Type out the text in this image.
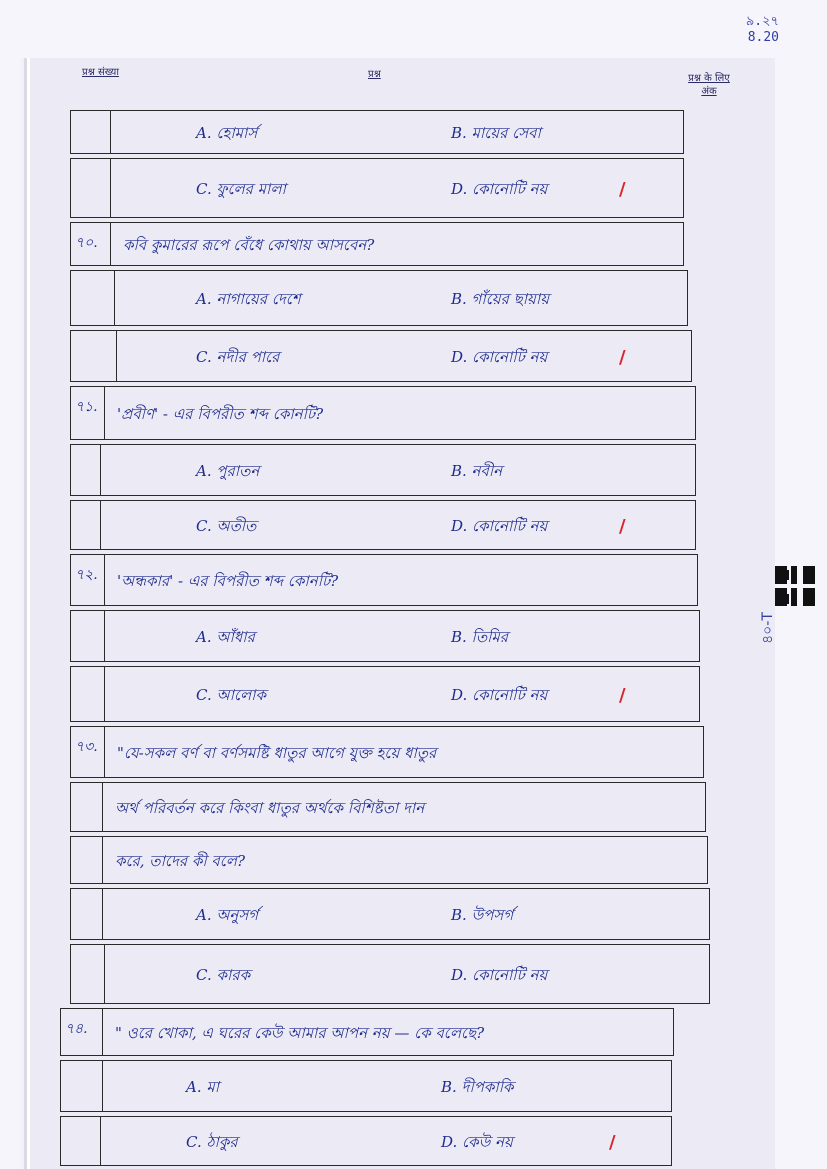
৯.২৭
8.20
प्रश्न संख्या	प्रश्न	प्रश्न के लिए अंक
A. হোমার্স	B. মায়ের সেবা
C. ফুলের মালা	D. কোনোটি নয়	/
৭০.	কবি কুমারের রূপে বেঁধে কোথায় আসবেন?
A. নাগায়ের দেশে	B. গাঁয়ের ছায়ায়
C. নদীর পারে	D. কোনোটি নয়	/
৭১.	'প্রবীণ' - এর বিপরীত শব্দ কোনটি?
A. পুরাতন	B. নবীন
C. অতীত	D. কোনোটি নয়	/
৭২.	'অন্ধকার' - এর বিপরীত শব্দ কোনটি?
A. আঁধার	B. তিমির
C. আলোক	D. কোনোটি নয়	/
৭৩.	"যে-সকল বর্ণ বা বর্ণসমষ্টি ধাতুর আগে যুক্ত হয়ে ধাতুর
অর্থ পরিবর্তন করে কিংবা ধাতুর অর্থকে বিশিষ্টতা দান
করে, তাদের কী বলে?
A. অনুসর্গ	B. উপসর্গ
C. কারক	D. কোনোটি নয়
৭৪.	" ওরে খোকা, এ ঘরের কেউ আমার আপন নয় — কে বলেছে?
A. মা	B. দীপকাকি
C. ঠাকুর	D. কেউ নয়	/
৪০-T
